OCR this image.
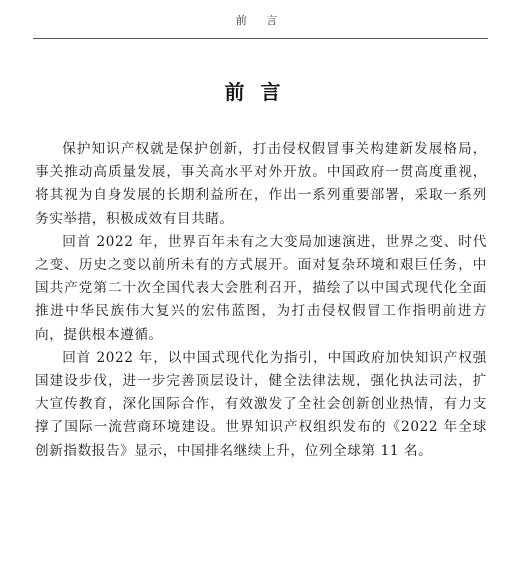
前 言
前言

保护知识产权就是保护创新，打击侵权假冒事关构建新发展格局，事关推动高质量发展，事关高水平对外开放。中国政府一贯高度重视，将其视为自身发展的长期利益所在，作出一系列重要部署，采取一系列务实举措，积极成效有目共睹。

回首 2022 年，世界百年未有之大变局加速演进，世界之变、时代之变、历史之变以前所未有的方式展开。面对复杂环境和艰巨任务，中国共产党第二十次全国代表大会胜利召开，描绘了以中国式现代化全面推进中华民族伟大复兴的宏伟蓝图，为打击侵权假冒工作指明前进方向，提供根本遵循。

回首 2022 年，以中国式现代化为指引，中国政府加快知识产权强国建设步伐，进一步完善顶层设计，健全法律法规，强化执法司法，扩大宣传教育，深化国际合作，有效激发了全社会创新创业热情，有力支撑了国际一流营商环境建设。世界知识产权组织发布的《2022 年全球创新指数报告》显示，中国排名继续上升，位列全球第 11 名。
